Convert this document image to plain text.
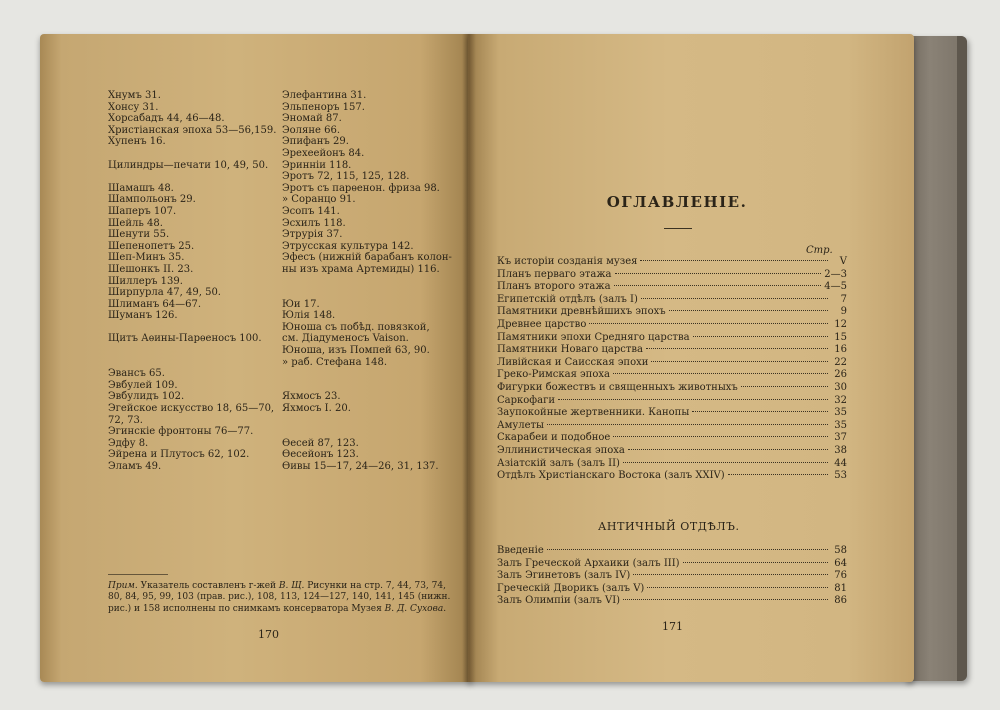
Хнумъ 31.
Хонсу 31.
Хорсабадъ 44, 46—48.
Христіанская эпоха 53—56,159.
Хупенъ 16.
Цилиндры—печати 10, 49, 50.
Шамашъ 48.
Шампольонъ 29.
Шаперъ 107.
Шейль 48.
Шенути 55.
Шепенопетъ 25.
Шеп-Минъ 35.
Шешонкъ II. 23.
Шиллеръ 139.
Ширпурла 47, 49, 50.
Шлиманъ 64—67.
Шуманъ 126.
Щитъ Аѳины-Парѳеносъ 100.
Эвансъ 65.
Эвбулей 109.
Эвбулидъ 102.
Эгейское искусство 18, 65—70,
72, 73.
Эгинскіе фронтоны 76—77.
Эдфу 8.
Эйрена и Плутосъ 62, 102.
Эламъ 49.
Элефантина 31.
Эльпеноръ 157.
Эномай 87.
Эоляне 66.
Эпифанъ 29.
Эрехеейонъ 84.
Эринніи 118.
Эротъ 72, 115, 125, 128.
Эротъ съ парѳенон. фриза 98.
» Соранцо 91.
Эсопъ 141.
Эсхилъ 118.
Этрурія 37.
Этрусская культура 142.
Эфесъ (нижній барабанъ колон-
ны изъ храма Артемиды) 116.
Юи 17.
Юлія 148.
Юноша съ побѣд. повязкой,
см. Діадуменосъ Vaison.
Юноша, изъ Помпей 63, 90.
» раб. Стефана 148.
Яхмосъ 23.
Яхмосъ I. 20.
Ѳесей 87, 123.
Ѳесейонъ 123.
Ѳивы 15—17, 24—26, 31, 137.
Прим. Указатель составленъ г-жей В. Щ. Рисунки на стр. 7, 44, 73, 74, 80, 84, 95, 99, 103 (прав. рис.), 108, 113, 124—127, 140, 141, 145 (нижн. рис.) и 158 исполнены по снимкамъ консерватора Музея В. Д. Сухова.
170
ОГЛАВЛЕНІЕ.
Стр.
Къ исторіи созданія музея	V
Планъ перваго этажа	2—3
Планъ второго этажа	4—5
Египетскій отдѣлъ (залъ I)	7
Памятники древнѣйшихъ эпохъ	9
Древнее царство	12
Памятники эпохи Средняго царства	15
Памятники Новаго царства	16
Ливійская и Саисская эпохи	22
Греко-Римская эпоха	26
Фигурки божествъ и священныхъ животныхъ	30
Саркофаги	32
Заупокойные жертвенники. Канопы	35
Амулеты	35
Скарабеи и подобное	37
Эллинистическая эпоха	38
Азіатскій залъ (залъ II)	44
Отдѣлъ Христіанскаго Востока (залъ XXIV)	53
АНТИЧНЫЙ ОТДѢЛЪ.
Введеніе	58
Залъ Греческой Архаики (залъ III)	64
Залъ Эгинетовъ (залъ IV)	76
Греческій Дворикъ (залъ V)	81
Залъ Олимпіи (залъ VI)	86
171
